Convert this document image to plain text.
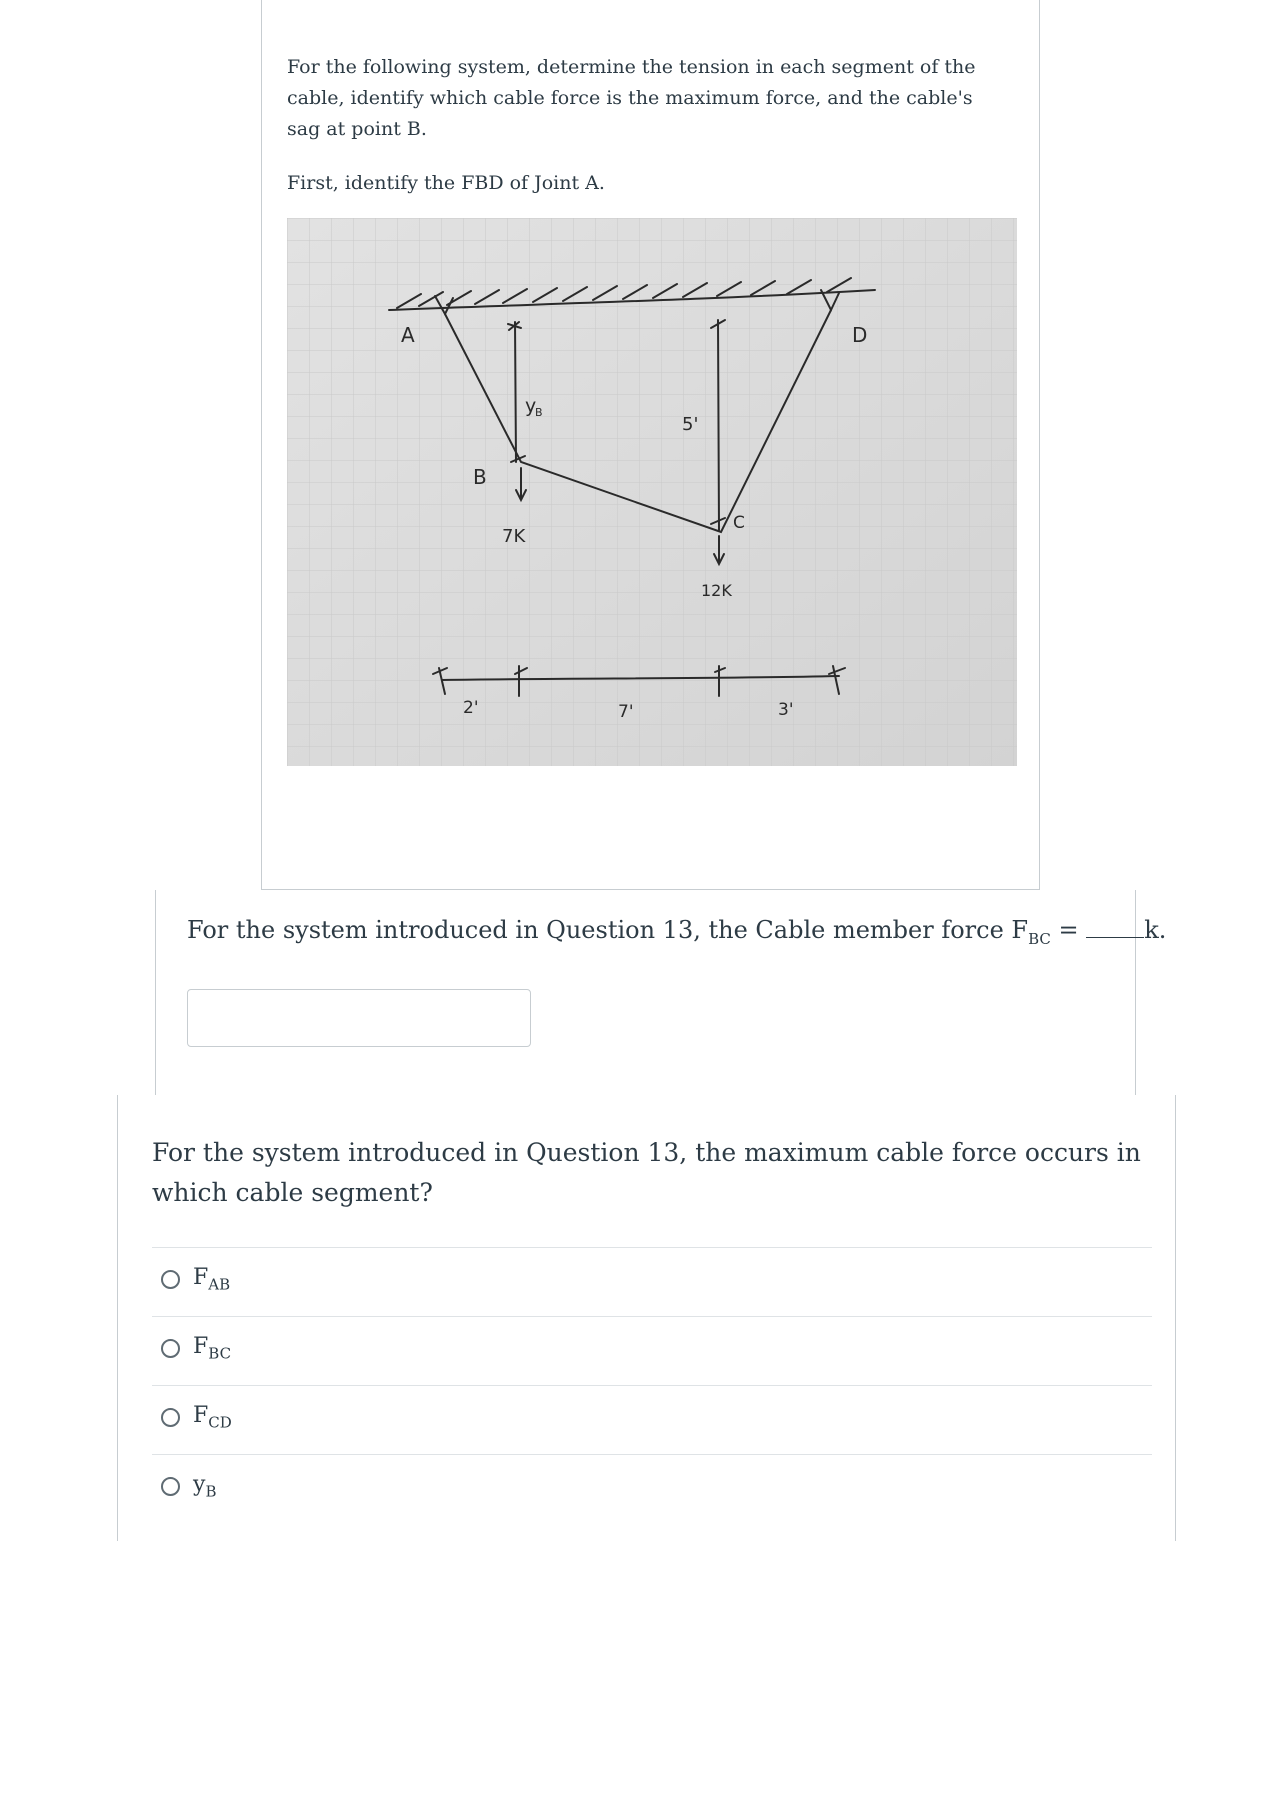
For the following system, determine the tension in each segment of the cable, identify which cable force is the maximum force, and the cable's sag at point B.

First, identify the FBD of Joint A.

A	D
B
C
y
B
7K
12K
5'
2'	7'	3'
For the system introduced in Question 13, the Cable member force $F_{BC} = k$.

For the system introduced in Question 13, the maximum cable force occurs in which cable segment?

$F_{AB}$
$F_{BC}$
$F_{CD}$
$y_B$
